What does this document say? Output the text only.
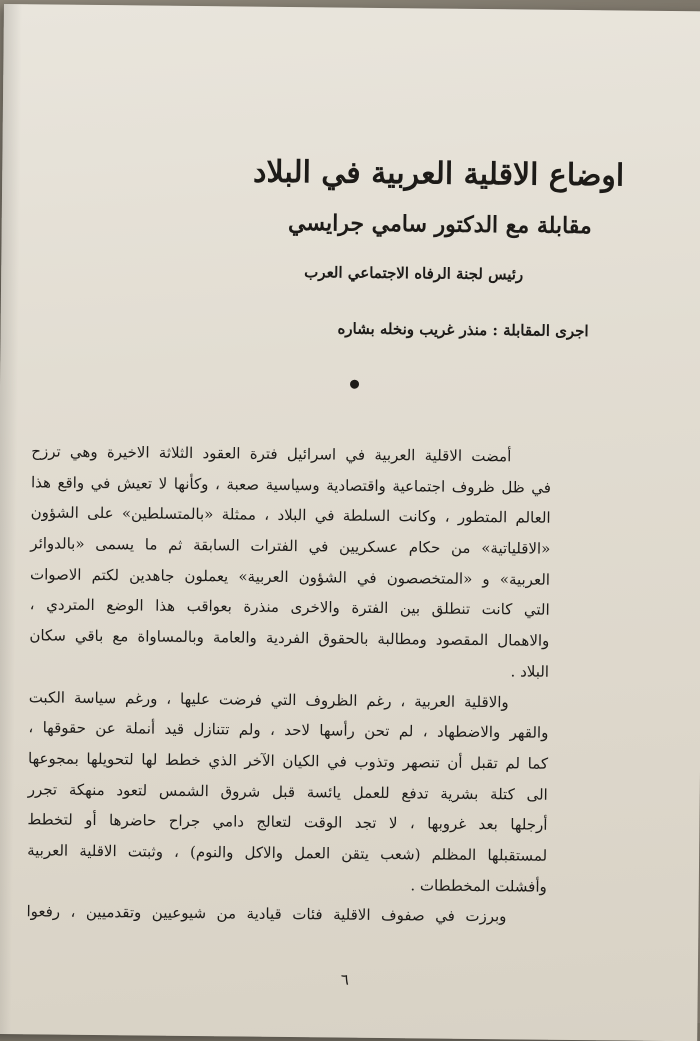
اوضاع الاقلية العربية في البلاد
مقابلة مع الدكتور سامي جرايسي
رئيس لجنة الرفاه الاجتماعي العرب
اجرى المقابلة : منذر غريب ونخله بشاره
أمضت الاقلية العربية في اسرائيل فترة العقود الثلاثة الاخيرة وهي ترزح
في ظل ظروف اجتماعية واقتصادية وسياسية صعبة ، وكأنها لا تعيش في واقع هذا
العالم المتطور ، وكانت السلطة في البلاد ، ممثلة «بالمتسلطين» على الشؤون
«الاقلياتية» من حكام عسكريين في الفترات السابقة ثم ما يسمى «بالدوائر
العربية» و «المتخصصون في الشؤون العربية» يعملون جاهدين لكتم الاصوات
التي كانت تنطلق بين الفترة والاخرى منذرة بعواقب هذا الوضع المتردي ،
والاهمال المقصود ومطالبة بالحقوق الفردية والعامة وبالمساواة مع باقي سكان
البلاد .
والاقلية العربية ، رغم الظروف التي فرضت عليها ، ورغم سياسة الكبت
والقهر والاضطهاد ، لم تحن رأسها لاحد ، ولم تتنازل قيد أنملة عن حقوقها ،
كما لم تقبل أن تنصهر وتذوب في الكيان الآخر الذي خطط لها لتحويلها بمجوعها
الى كتلة بشرية تدفع للعمل يائسة قبل شروق الشمس لتعود منهكة تجرر
أرجلها بعد غروبها ، لا تجد الوقت لتعالج دامي جراح حاضرها أو لتخطط
لمستقبلها المظلم (شعب يتقن العمل والاكل والنوم) ، وثبتت الاقلية العربية
وأفشلت المخططات .
وبرزت في صفوف الاقلية فئات قيادية من شيوعيين وتقدميين ، رفعوا
٦
